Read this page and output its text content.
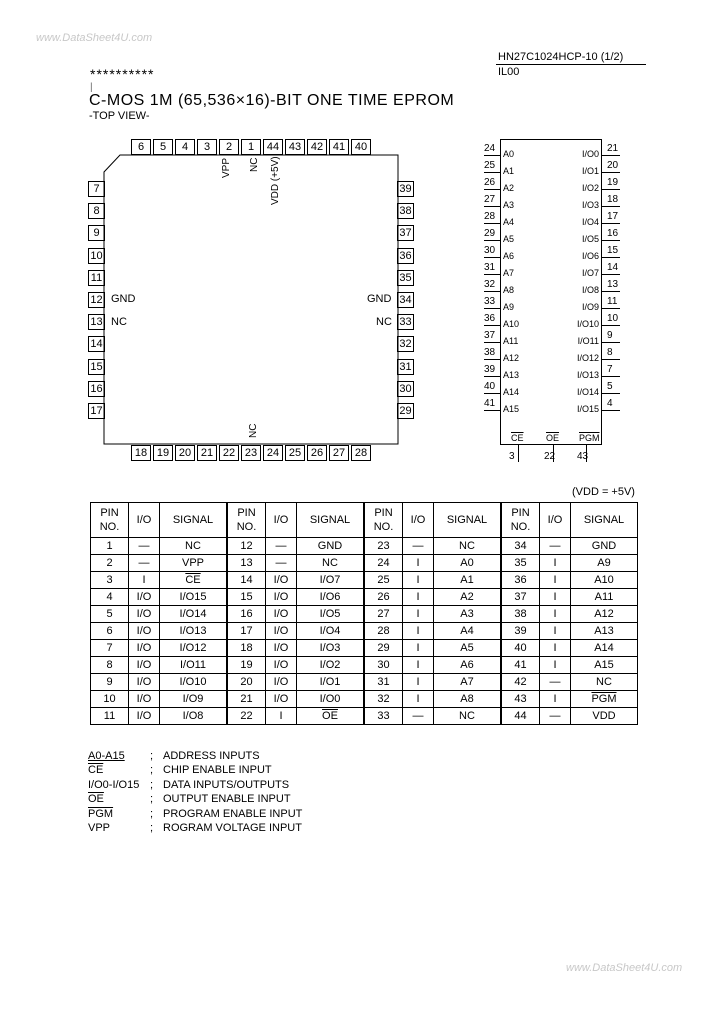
www.DataSheet4U.com
HN27C1024HCP-10 (1/2)
IL00
**********
|
C-MOS 1M (65,536×16)-BIT ONE TIME EPROM
-TOP VIEW-
6	5	4	3	2	1	44 43 42 41 40
18 19 20 21 22 23 24 25 26 27 28
7
8
9
10
11
12
13
14
15
16
17
39
38
37
36
35
34
33
32
31
30
29
VPP NC VDD (+5V)
NC
GND
NC
GND
NC
24 A0
25 A1
26 A2
27 A3
28 A4
29 A5
30 A6
31 A7
32 A8
33 A9
36 A10
37 A11
38 A12
39 A13
40 A14
41 A15
21
I/O0
20
I/O1
19
I/O2
18
I/O3
17
I/O4
16
I/O5
15
I/O6
14
I/O7
13
I/O8
11
I/O9
10
I/O10
9
I/O11
8
I/O12
7
I/O13
5
I/O14
4
I/O15
$\overline{CE}$
3
$\overline{OE}$
22
$\overline{PGM}$
43
(VDD = +5V)
PIN NO.	I/O	SIGNAL	PIN NO.	I/O	SIGNAL	PIN NO.	I/O	SIGNAL	PIN NO.	I/O	SIGNAL
1	—	NC	12	—	GND	23	—	NC	34	—	GND
2	—	VPP	13	—	NC	24	I	A0	35	I	A9
3	I	$\overline{CE}$	14	I/O	I/O7	25	I	A1	36	I	A10
4	I/O	I/O15	15	I/O	I/O6	26	I	A2	37	I	A11
5	I/O	I/O14	16	I/O	I/O5	27	I	A3	38	I	A12
6	I/O	I/O13	17	I/O	I/O4	28	I	A4	39	I	A13
7	I/O	I/O12	18	I/O	I/O3	29	I	A5	40	I	A14
8	I/O	I/O11	19	I/O	I/O2	30	I	A6	41	I	A15
9	I/O	I/O10	20	I/O	I/O1	31	I	A7	42	—	NC
10	I/O	I/O9	21	I/O	I/O0	32	I	A8	43	I	$\overline{PGM}$
11	I/O	I/O8	22	I	$\overline{OE}$	33	—	NC	44	—	VDD
A0-A15 ; ADDRESS INPUTS
$\overline{CE}$	; CHIP ENABLE INPUT
I/O0-I/O15 ; DATA INPUTS/OUTPUTS
$\overline{OE}$	; OUTPUT ENABLE INPUT
$\overline{PGM}$	; PROGRAM ENABLE INPUT
VPP	; ROGRAM VOLTAGE INPUT
www.DataSheet4U.com
